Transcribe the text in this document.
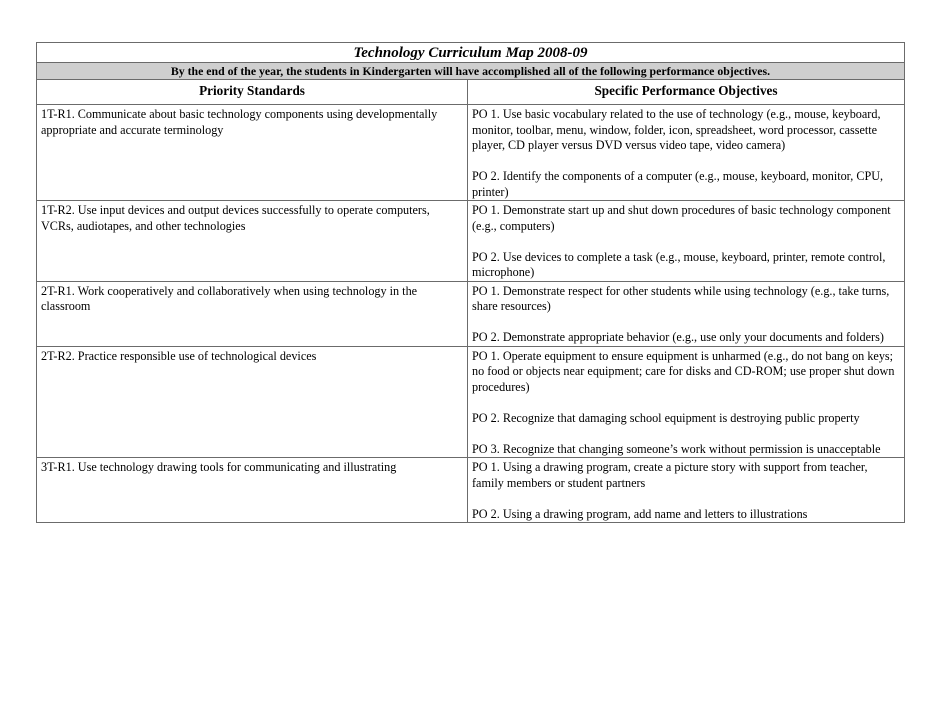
Technology Curriculum Map 2008-09	
By the end of the year, the students in Kindergarten will have accomplished all of the following performance objectives.	
Priority Standards	Specific Performance Objectives
1T-R1. Communicate about basic technology components using developmentally appropriate and accurate terminology	PO 1. Use basic vocabulary related to the use of technology (e.g., mouse, keyboard, monitor, toolbar, menu, window, folder, icon, spreadsheet, word processor, cassette player, CD player versus DVD versus video tape, video camera)

PO 2. Identify the components of a computer (e.g., mouse, keyboard, monitor, CPU, printer)

1T-R2. Use input devices and output devices successfully to operate computers, VCRs, audiotapes, and other technologies	PO 1. Demonstrate start up and shut down procedures of basic technology component (e.g., computers)

PO 2. Use devices to complete a task (e.g., mouse, keyboard, printer, remote control, microphone)

2T-R1. Work cooperatively and collaboratively when using technology in the classroom	PO 1. Demonstrate respect for other students while using technology (e.g., take turns, share resources)

PO 2. Demonstrate appropriate behavior (e.g., use only your documents and folders)

2T-R2. Practice responsible use of technological devices	PO 1. Operate equipment to ensure equipment is unharmed (e.g., do not bang on keys; no food or objects near equipment; care for disks and CD-ROM; use proper shut down procedures)

PO 2. Recognize that damaging school equipment is destroying public property

PO 3. Recognize that changing someone’s work without permission is unacceptable

3T-R1. Use technology drawing tools for communicating and illustrating	PO 1. Using a drawing program, create a picture story with support from teacher, family members or student partners

PO 2. Using a drawing program, add name and letters to illustrations
